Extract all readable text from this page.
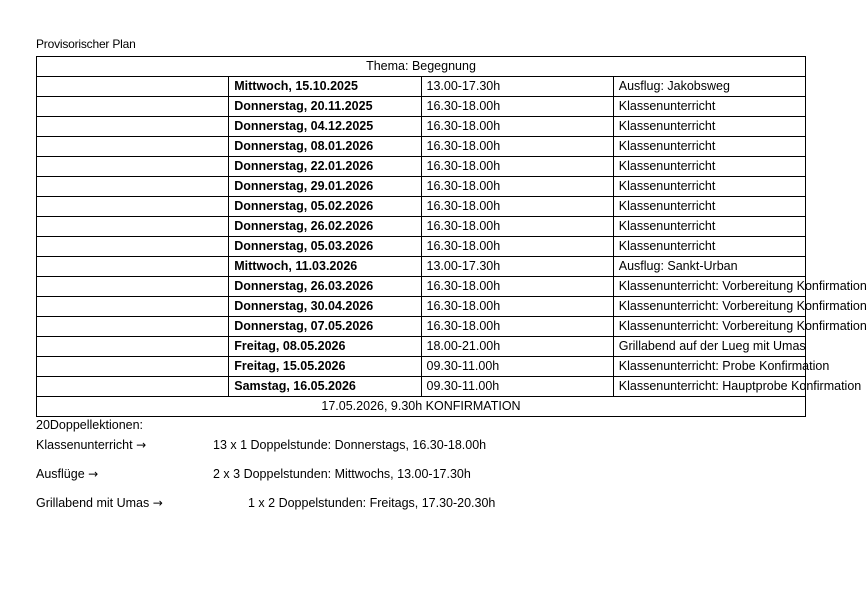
Provisorischer Plan
Thema: Begegnung			
	Mittwoch, 15.10.2025	13.00-17.30h	Ausflug: Jakobsweg
	Donnerstag, 20.11.2025	16.30-18.00h	Klassenunterricht
	Donnerstag, 04.12.2025	16.30-18.00h	Klassenunterricht
	Donnerstag, 08.01.2026	16.30-18.00h	Klassenunterricht
	Donnerstag, 22.01.2026	16.30-18.00h	Klassenunterricht
	Donnerstag, 29.01.2026	16.30-18.00h	Klassenunterricht
	Donnerstag, 05.02.2026	16.30-18.00h	Klassenunterricht
	Donnerstag, 26.02.2026	16.30-18.00h	Klassenunterricht
	Donnerstag, 05.03.2026	16.30-18.00h	Klassenunterricht
	Mittwoch, 11.03.2026	13.00-17.30h	Ausflug: Sankt-Urban
	Donnerstag, 26.03.2026	16.30-18.00h	Klassenunterricht: Vorbereitung Konfirmation
	Donnerstag, 30.04.2026	16.30-18.00h	Klassenunterricht: Vorbereitung Konfirmation
	Donnerstag, 07.05.2026	16.30-18.00h	Klassenunterricht: Vorbereitung Konfirmation
	Freitag, 08.05.2026	18.00-21.00h	Grillabend auf der Lueg mit Umas
	Freitag, 15.05.2026	09.30-11.00h	Klassenunterricht: Probe Konfirmation
	Samstag, 16.05.2026	09.30-11.00h	Klassenunterricht: Hauptprobe Konfirmation
17.05.2026, 9.30h KONFIRMATION			
20Doppellektionen:
Klassenunterricht →	13 x 1 Doppelstunde: Donnerstags, 16.30-18.00h
Ausflüge →	2 x 3 Doppelstunden: Mittwochs, 13.00-17.30h
Grillabend mit Umas →	1 x 2 Doppelstunden: Freitags, 17.30-20.30h
